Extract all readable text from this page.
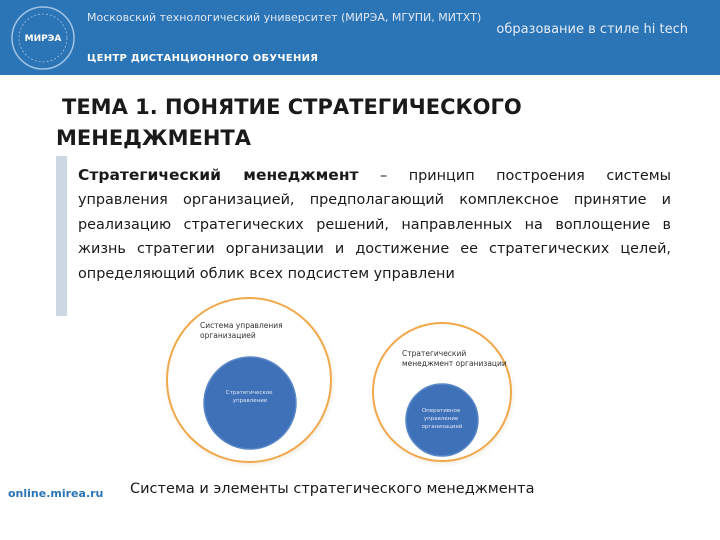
МИРЭА
Московский технологический университет (МИРЭА, МГУПИ, МИТХТ)
ЦЕНТР ДИСТАНЦИОННОГО ОБУЧЕНИЯ
образование в стиле hi tech
ТЕМА 1. ПОНЯТИЕ СТРАТЕГИЧЕСКОГО
МЕНЕДЖМЕНТА
Стратегический менеджмент – принцип построения системы управления организацией, предполагающий комплексное принятие и реализацию стратегических решений, направленных на воплощение в жизнь стратегии организации и достижение ее стратегических целей, определяющий облик всех подсистем управлени
Система управления организацией
Стратегическое управление
Стратегический менеджмент организации
Оперативное управление организацией
online.mirea.ru Система и элементы стратегического менеджмента
